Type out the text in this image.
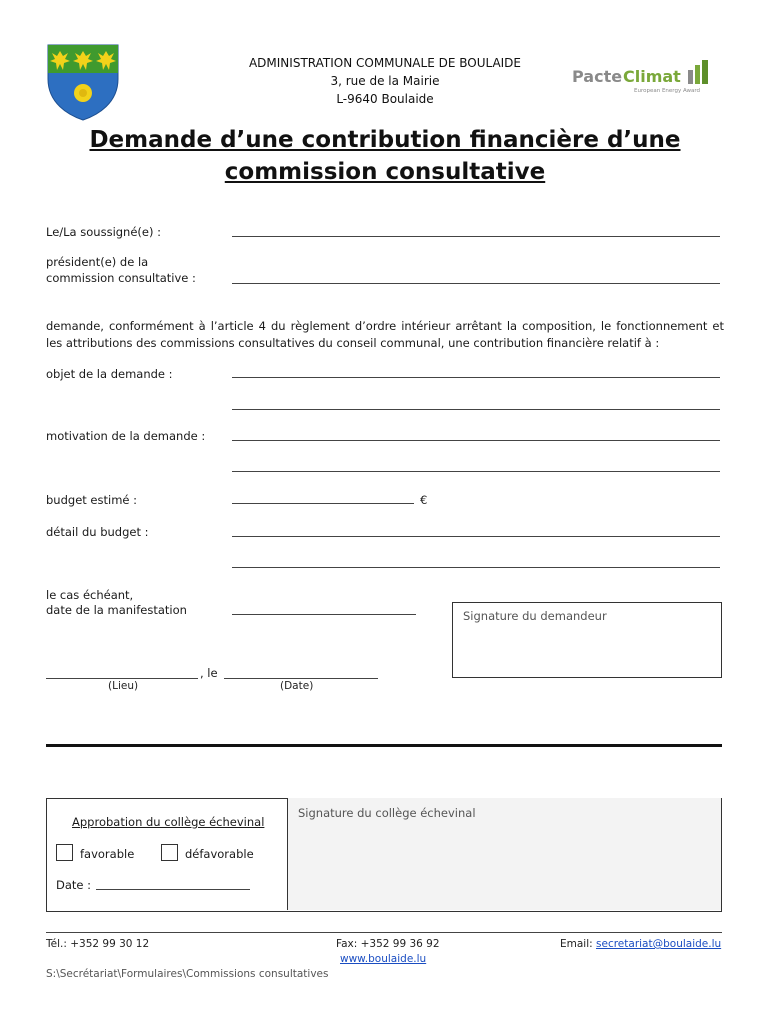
ADMINISTRATION COMMUNALE DE BOULAIDE
3, rue de la Mairie
L-9640 Boulaide
Pacte Climat
European Energy Award
Demande d’une contribution financière d’une commission consultative
Le/La soussigné(e) :
président(e) de la
commission consultative :
demande, conformément à l’article 4 du règlement d’ordre intérieur arrêtant la composition, le fonctionnement et les attributions des commissions consultatives du conseil communal, une contribution financière relatif à :
objet de la demande :
motivation de la demande :
budget estimé :	€
détail du budget :
le cas échéant,
date de la manifestation	Signature du demandeur
, le
(Lieu)	(Date)
Signature du collège échevinal
Approbation du collège échevinal
favorable	défavorable
Date :
Tél.: +352 99 30 12	Fax: +352 99 36 92
www.boulaide.lu
Email: secretariat@boulaide.lu
S:\Secrétariat\Formulaires\Commissions consultatives
